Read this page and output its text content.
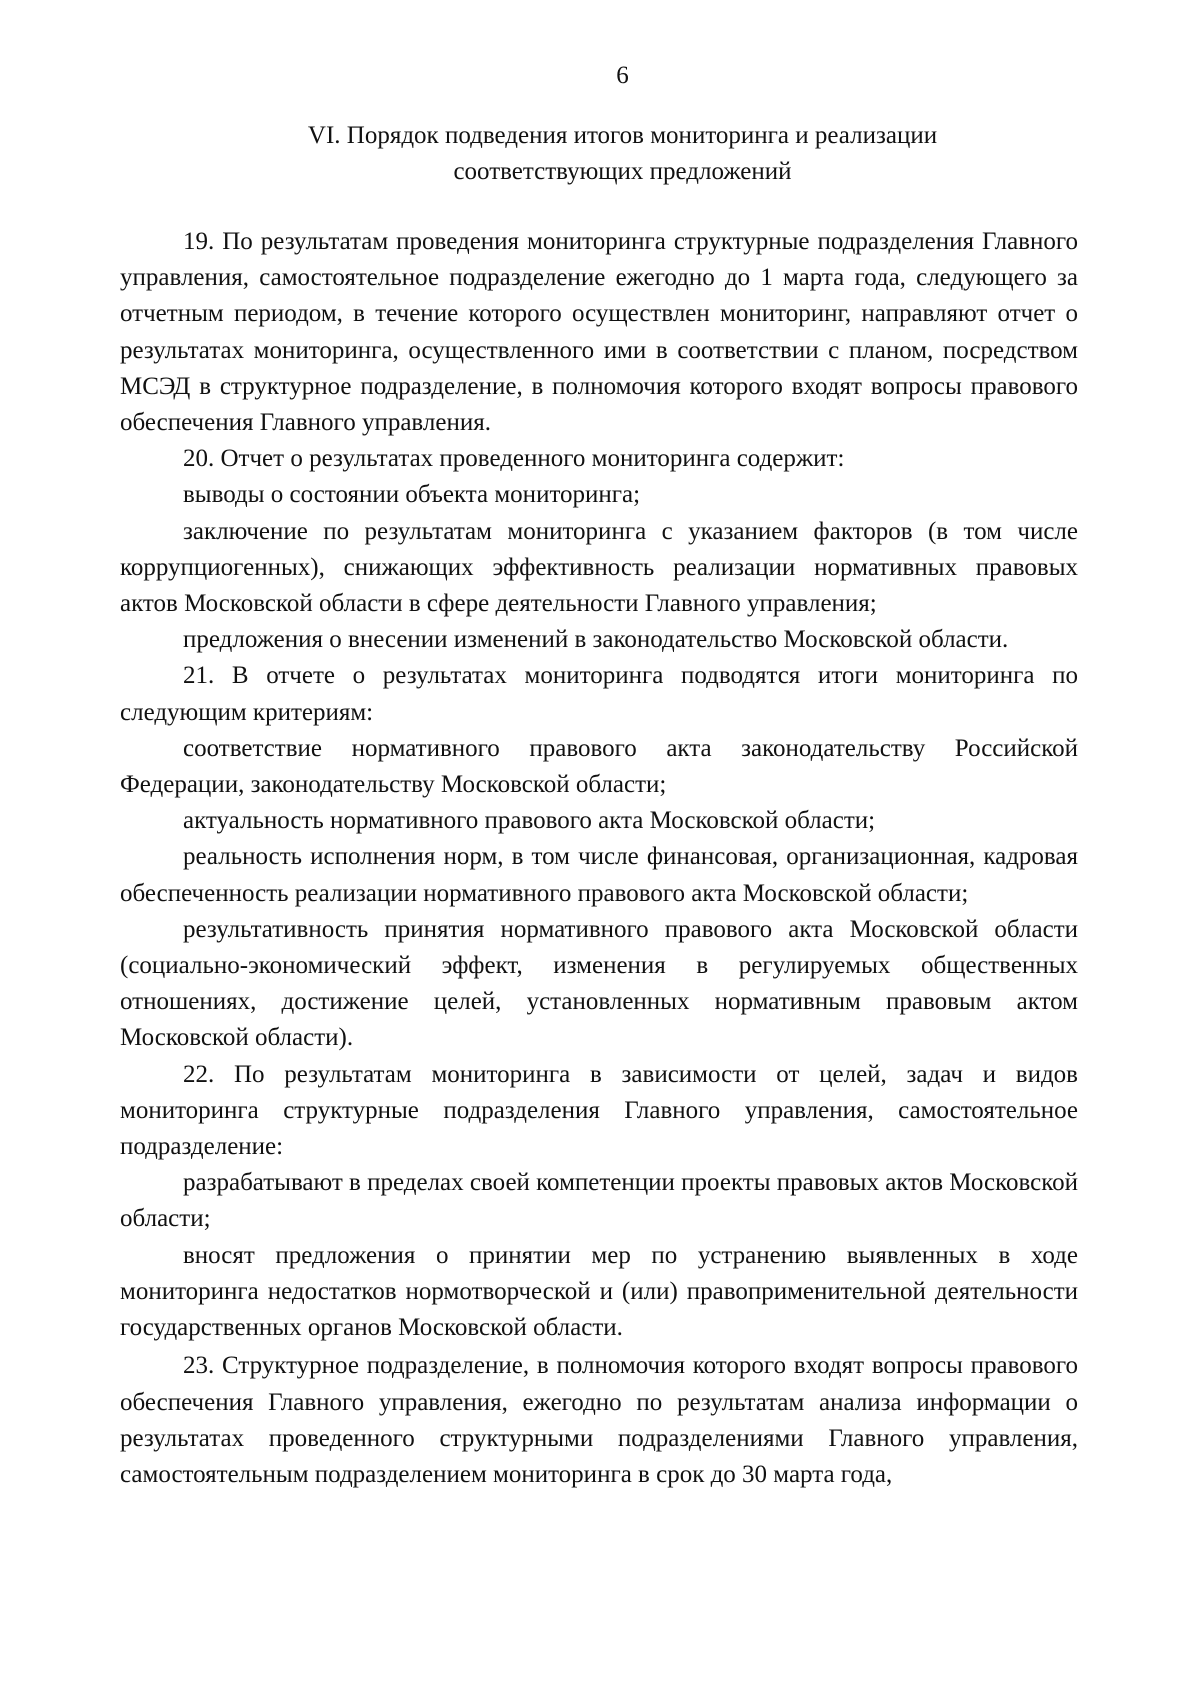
6
VI. Порядок подведения итогов мониторинга и реализации
соответствующих предложений

19. По результатам проведения мониторинга структурные подразделения Главного управления, самостоятельное подразделение ежегодно до 1 марта года, следующего за отчетным периодом, в течение которого осуществлен мониторинг, направляют отчет о результатах мониторинга, осуществленного ими в соответствии с планом, посредством МСЭД в структурное подразделение, в полномочия которого входят вопросы правового обеспечения Главного управления.

20. Отчет о результатах проведенного мониторинга содержит:

выводы о состоянии объекта мониторинга;

заключение по результатам мониторинга с указанием факторов (в том числе коррупциогенных), снижающих эффективность реализации нормативных правовых актов Московской области в сфере деятельности Главного управления;

предложения о внесении изменений в законодательство Московской области.

21. В отчете о результатах мониторинга подводятся итоги мониторинга по следующим критериям:

соответствие нормативного правового акта законодательству Российской Федерации, законодательству Московской области;

актуальность нормативного правового акта Московской области;

реальность исполнения норм, в том числе финансовая, организационная, кадровая обеспеченность реализации нормативного правового акта Московской области;

результативность принятия нормативного правового акта Московской области (социально-экономический эффект, изменения в регулируемых общественных отношениях, достижение целей, установленных нормативным правовым актом Московской области).

22. По результатам мониторинга в зависимости от целей, задач и видов мониторинга структурные подразделения Главного управления, самостоятельное подразделение:

разрабатывают в пределах своей компетенции проекты правовых актов Московской области;

вносят предложения о принятии мер по устранению выявленных в ходе мониторинга недостатков нормотворческой и (или) правоприменительной деятельности государственных органов Московской области.

23. Структурное подразделение, в полномочия которого входят вопросы правового обеспечения Главного управления, ежегодно по результатам анализа информации о результатах проведенного структурными подразделениями Главного управления, самостоятельным подразделением мониторинга в срок до 30 марта года,
